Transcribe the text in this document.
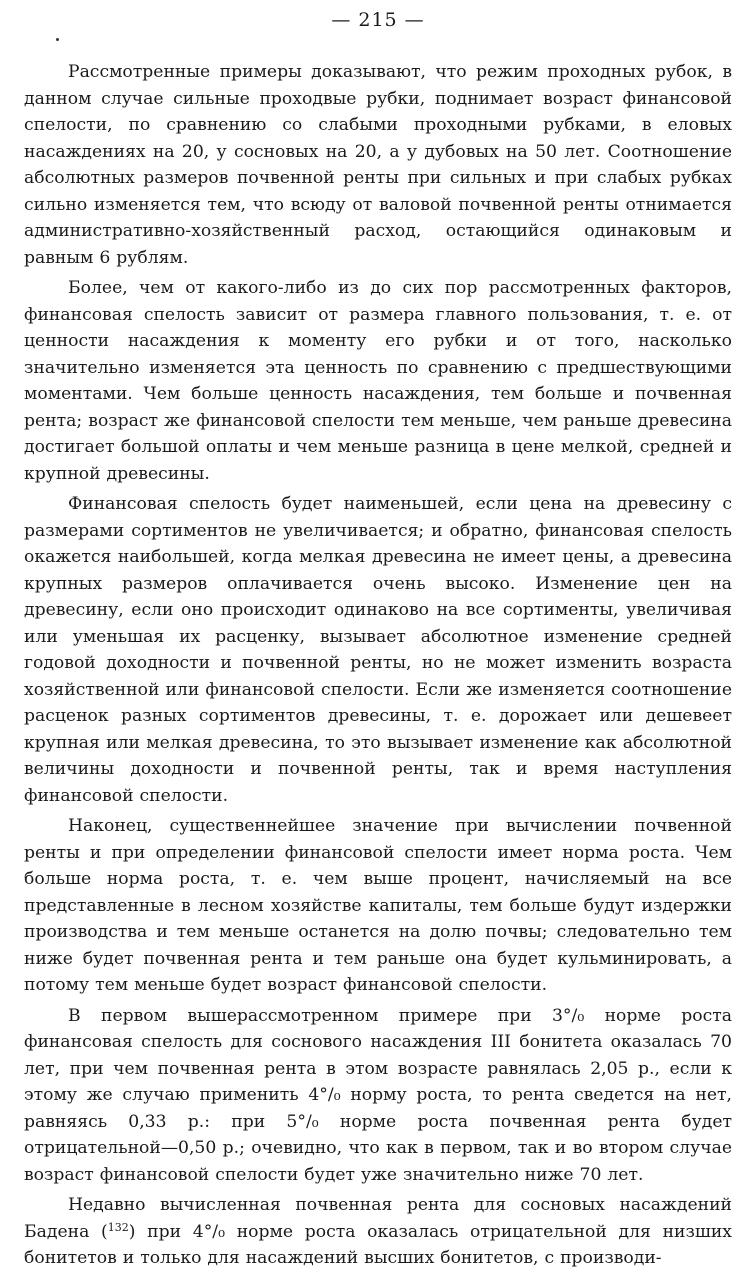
— 215 —

Рассмотренные примеры доказывают, что режим проходных рубок, в данном случае сильные проходвые рубки, поднимает возраст финансовой спелости, по сравнению со слабыми проходными рубками, в еловых насаждениях на 20, у сосновых на 20, а у дубовых на 50 лет. Соотношение абсолютных размеров почвенной ренты при сильных и при слабых рубках сильно изменяется тем, что всюду от валовой почвенной ренты отнимается административно-хозяйственный расход, остающийся одинаковым и равным 6 рублям.

Более, чем от какого-либо из до сих пор рассмотренных факторов, финансовая спелость зависит от размера главного пользования, т. е. от ценности насаждения к моменту его рубки и от того, насколько значительно изменяется эта ценность по сравнению с предшествующими моментами. Чем больше ценность насаждения, тем больше и почвенная рента; возраст же финансовой спелости тем меньше, чем раньше древесина достигает большой оплаты и чем меньше разница в цене мелкой, средней и крупной древесины.

Финансовая спелость будет наименьшей, если цена на древесину с размерами сортиментов не увеличивается; и обратно, финансовая спелость окажется наибольшей, когда мелкая древесина не имеет цены, а древесина крупных размеров оплачивается очень высоко. Изменение цен на древесину, если оно происходит одинаково на все сортименты, увеличивая или уменьшая их расценку, вызывает абсолютное изменение средней годовой доходности и почвенной ренты, но не может изменить возраста хозяйственной или финансовой спелости. Если же изменяется соотношение расценок разных сортиментов древесины, т. е. дорожает или дешевеет крупная или мелкая древесина, то это вызывает изменение как абсолютной величины доходности и почвенной ренты, так и время наступления финансовой спелости.

Наконец, существеннейшее значение при вычислении почвенной ренты и при определении финансовой спелости имеет норма роста. Чем больше норма роста, т. е. чем выше процент, начисляемый на все представленные в лесном хозяйстве капиталы, тем больше будут издержки производства и тем меньше останется на долю почвы; следовательно тем ниже будет почвенная рента и тем раньше она будет кульминировать, а потому тем меньше будет возраст финансовой спелости.

В первом вышерассмотренном примере при 3°/₀ норме роста финансовая спелость для соснового насаждения III бонитета оказалась 70 лет, при чем почвенная рента в этом возрасте равнялась 2,05 р., если к этому же случаю применить 4°/₀ норму роста, то рента сведется на нет, равняясь 0,33 р.: при 5°/₀ норме роста почвенная рента будет отрицательной—0,50 р.; очевидно, что как в первом, так и во втором случае возраст финансовой спелости будет уже значительно ниже 70 лет.

Недавно вычисленная почвенная рента для сосновых насаждений Бадена ($^{132}$) при 4°/₀ норме роста оказалась отрицательной для низших бонитетов и только для насаждений высших бонитетов, с производи-
